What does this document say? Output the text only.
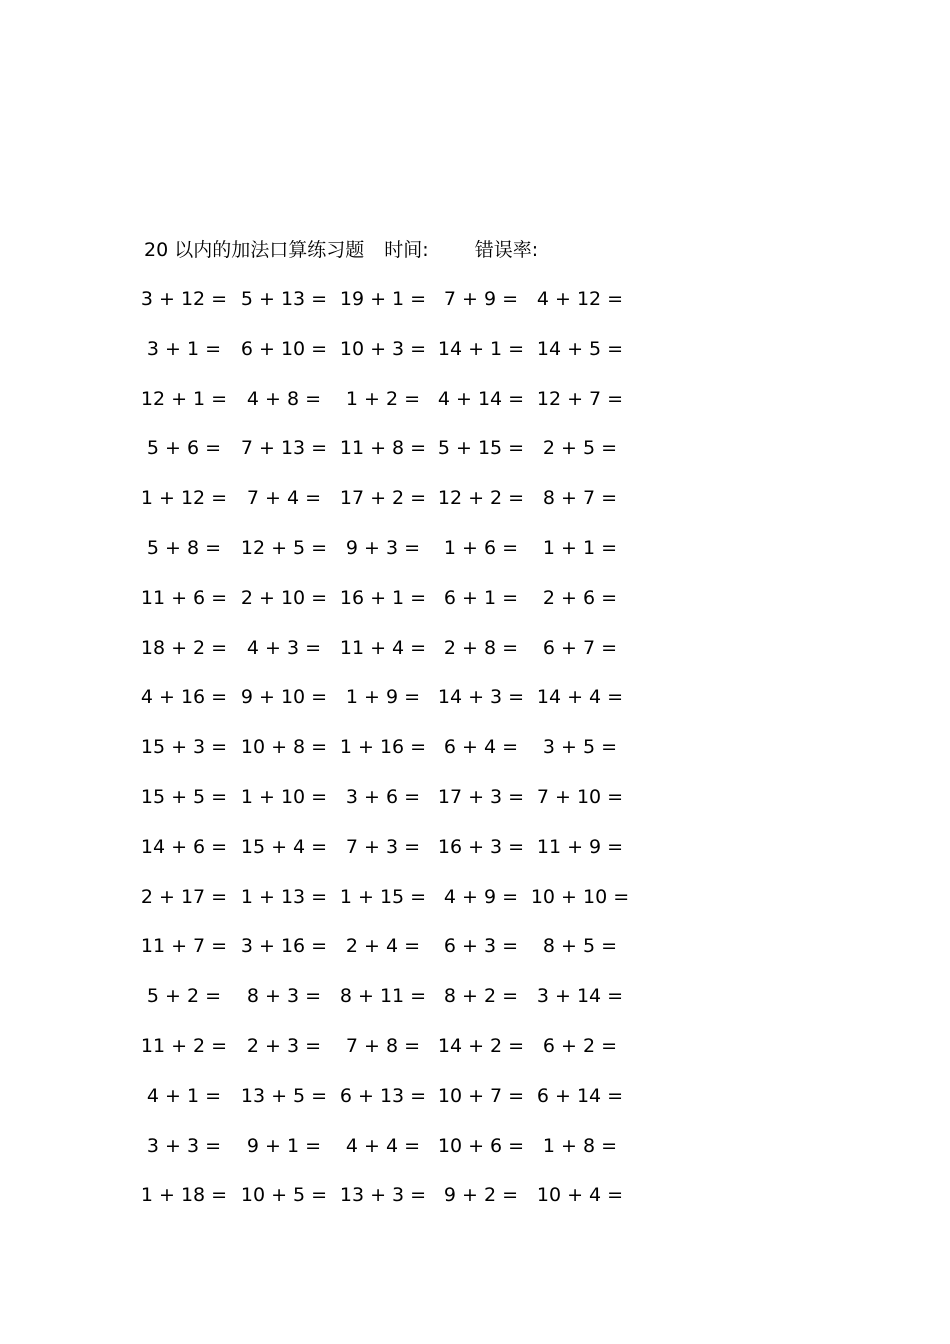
20 以内的加法口算练习题 时间: 错误率:
3 + 12 = 5 + 13 = 19 + 1 = 7 + 9 = 4 + 12 =
3 + 1 =	6 + 10 = 10 + 3 = 14 + 1 = 14 + 5 =
12 + 1 =	4 + 8 =	1 + 2 = 4 + 14 = 12 + 7 =
5 + 6 =	7 + 13 = 11 + 8 = 5 + 15 = 2 + 5 =
1 + 12 =	7 + 4 = 17 + 2 = 12 + 2 = 8 + 7 =
5 + 8 =	12 + 5 = 9 + 3 =	1 + 6 =	1 + 1 =
11 + 6 = 2 + 10 = 16 + 1 = 6 + 1 =	2 + 6 =
18 + 2 =	4 + 3 = 11 + 4 = 2 + 8 =	6 + 7 =
4 + 16 = 9 + 10 = 1 + 9 = 14 + 3 = 14 + 4 =
15 + 3 = 10 + 8 = 1 + 16 = 6 + 4 =	3 + 5 =
15 + 5 = 1 + 10 = 3 + 6 = 17 + 3 = 7 + 10 =
14 + 6 = 15 + 4 = 7 + 3 = 16 + 3 = 11 + 9 =
2 + 17 = 1 + 13 = 1 + 15 = 4 + 9 = 10 + 10 =
11 + 7 = 3 + 16 = 2 + 4 =	6 + 3 =	8 + 5 =
5 + 2 =	8 + 3 = 8 + 11 = 8 + 2 = 3 + 14 =
11 + 2 =	2 + 3 =	7 + 8 = 14 + 2 = 6 + 2 =
4 + 1 =	13 + 5 = 6 + 13 = 10 + 7 = 6 + 14 =
3 + 3 =	9 + 1 =	4 + 4 = 10 + 6 = 1 + 8 =
1 + 18 = 10 + 5 = 13 + 3 = 9 + 2 = 10 + 4 =
